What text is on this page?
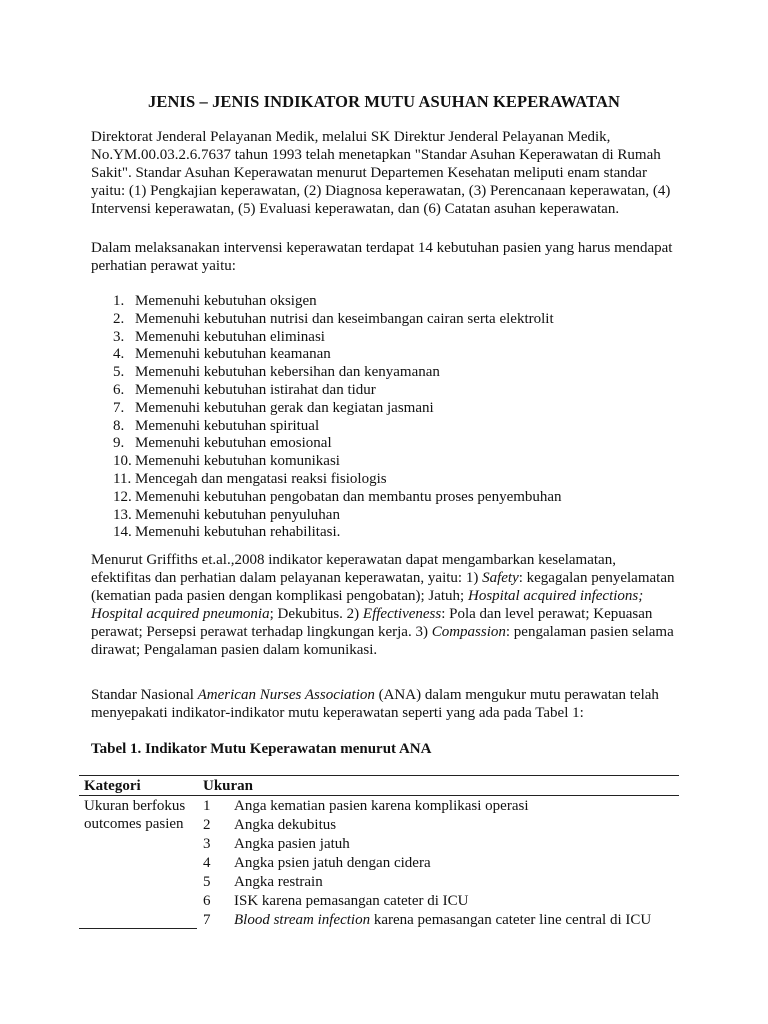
JENIS – JENIS INDIKATOR MUTU ASUHAN KEPERAWATAN
Direktorat Jenderal Pelayanan Medik, melalui SK Direktur Jenderal Pelayanan Medik,
No.YM.00.03.2.6.7637 tahun 1993 telah menetapkan "Standar Asuhan Keperawatan di Rumah
Sakit". Standar Asuhan Keperawatan menurut Departemen Kesehatan meliputi enam standar
yaitu: (1) Pengkajian keperawatan, (2) Diagnosa keperawatan, (3) Perencanaan keperawatan, (4)
Intervensi keperawatan, (5) Evaluasi keperawatan, dan (6) Catatan asuhan keperawatan.
Dalam melaksanakan intervensi keperawatan terdapat 14 kebutuhan pasien yang harus mendapat
perhatian perawat yaitu:
1. Memenuhi kebutuhan oksigen
2. Memenuhi kebutuhan nutrisi dan keseimbangan cairan serta elektrolit
3. Memenuhi kebutuhan eliminasi
4. Memenuhi kebutuhan keamanan
5. Memenuhi kebutuhan kebersihan dan kenyamanan
6. Memenuhi kebutuhan istirahat dan tidur
7. Memenuhi kebutuhan gerak dan kegiatan jasmani
8. Memenuhi kebutuhan spiritual
9. Memenuhi kebutuhan emosional
10. Memenuhi kebutuhan komunikasi
11. Mencegah dan mengatasi reaksi fisiologis
12. Memenuhi kebutuhan pengobatan dan membantu proses penyembuhan
13. Memenuhi kebutuhan penyuluhan
14. Memenuhi kebutuhan rehabilitasi.
Menurut Griffiths et.al.,2008 indikator keperawatan dapat mengambarkan keselamatan,
efektifitas dan perhatian dalam pelayanan keperawatan, yaitu: 1) Safety: kegagalan penyelamatan
(kematian pada pasien dengan komplikasi pengobatan); Jatuh; Hospital acquired infections;
Hospital acquired pneumonia; Dekubitus. 2) Effectiveness: Pola dan level perawat; Kepuasan
perawat; Persepsi perawat terhadap lingkungan kerja. 3) Compassion: pengalaman pasien selama
dirawat; Pengalaman pasien dalam komunikasi.
Standar Nasional American Nurses Association (ANA) dalam mengukur mutu perawatan telah
menyepakati indikator-indikator mutu keperawatan seperti yang ada pada Tabel 1:
Tabel 1. Indikator Mutu Keperawatan menurut ANA
Kategori	Ukuran
Ukuran berfokus
outcomes pasien
1 Anga kematian pasien karena komplikasi operasi
2 Angka dekubitus
3 Angka pasien jatuh
4 Angka psien jatuh dengan cidera
5 Angka restrain
6 ISK karena pemasangan cateter di ICU
7 Blood stream infection karena pemasangan cateter line central di ICU
